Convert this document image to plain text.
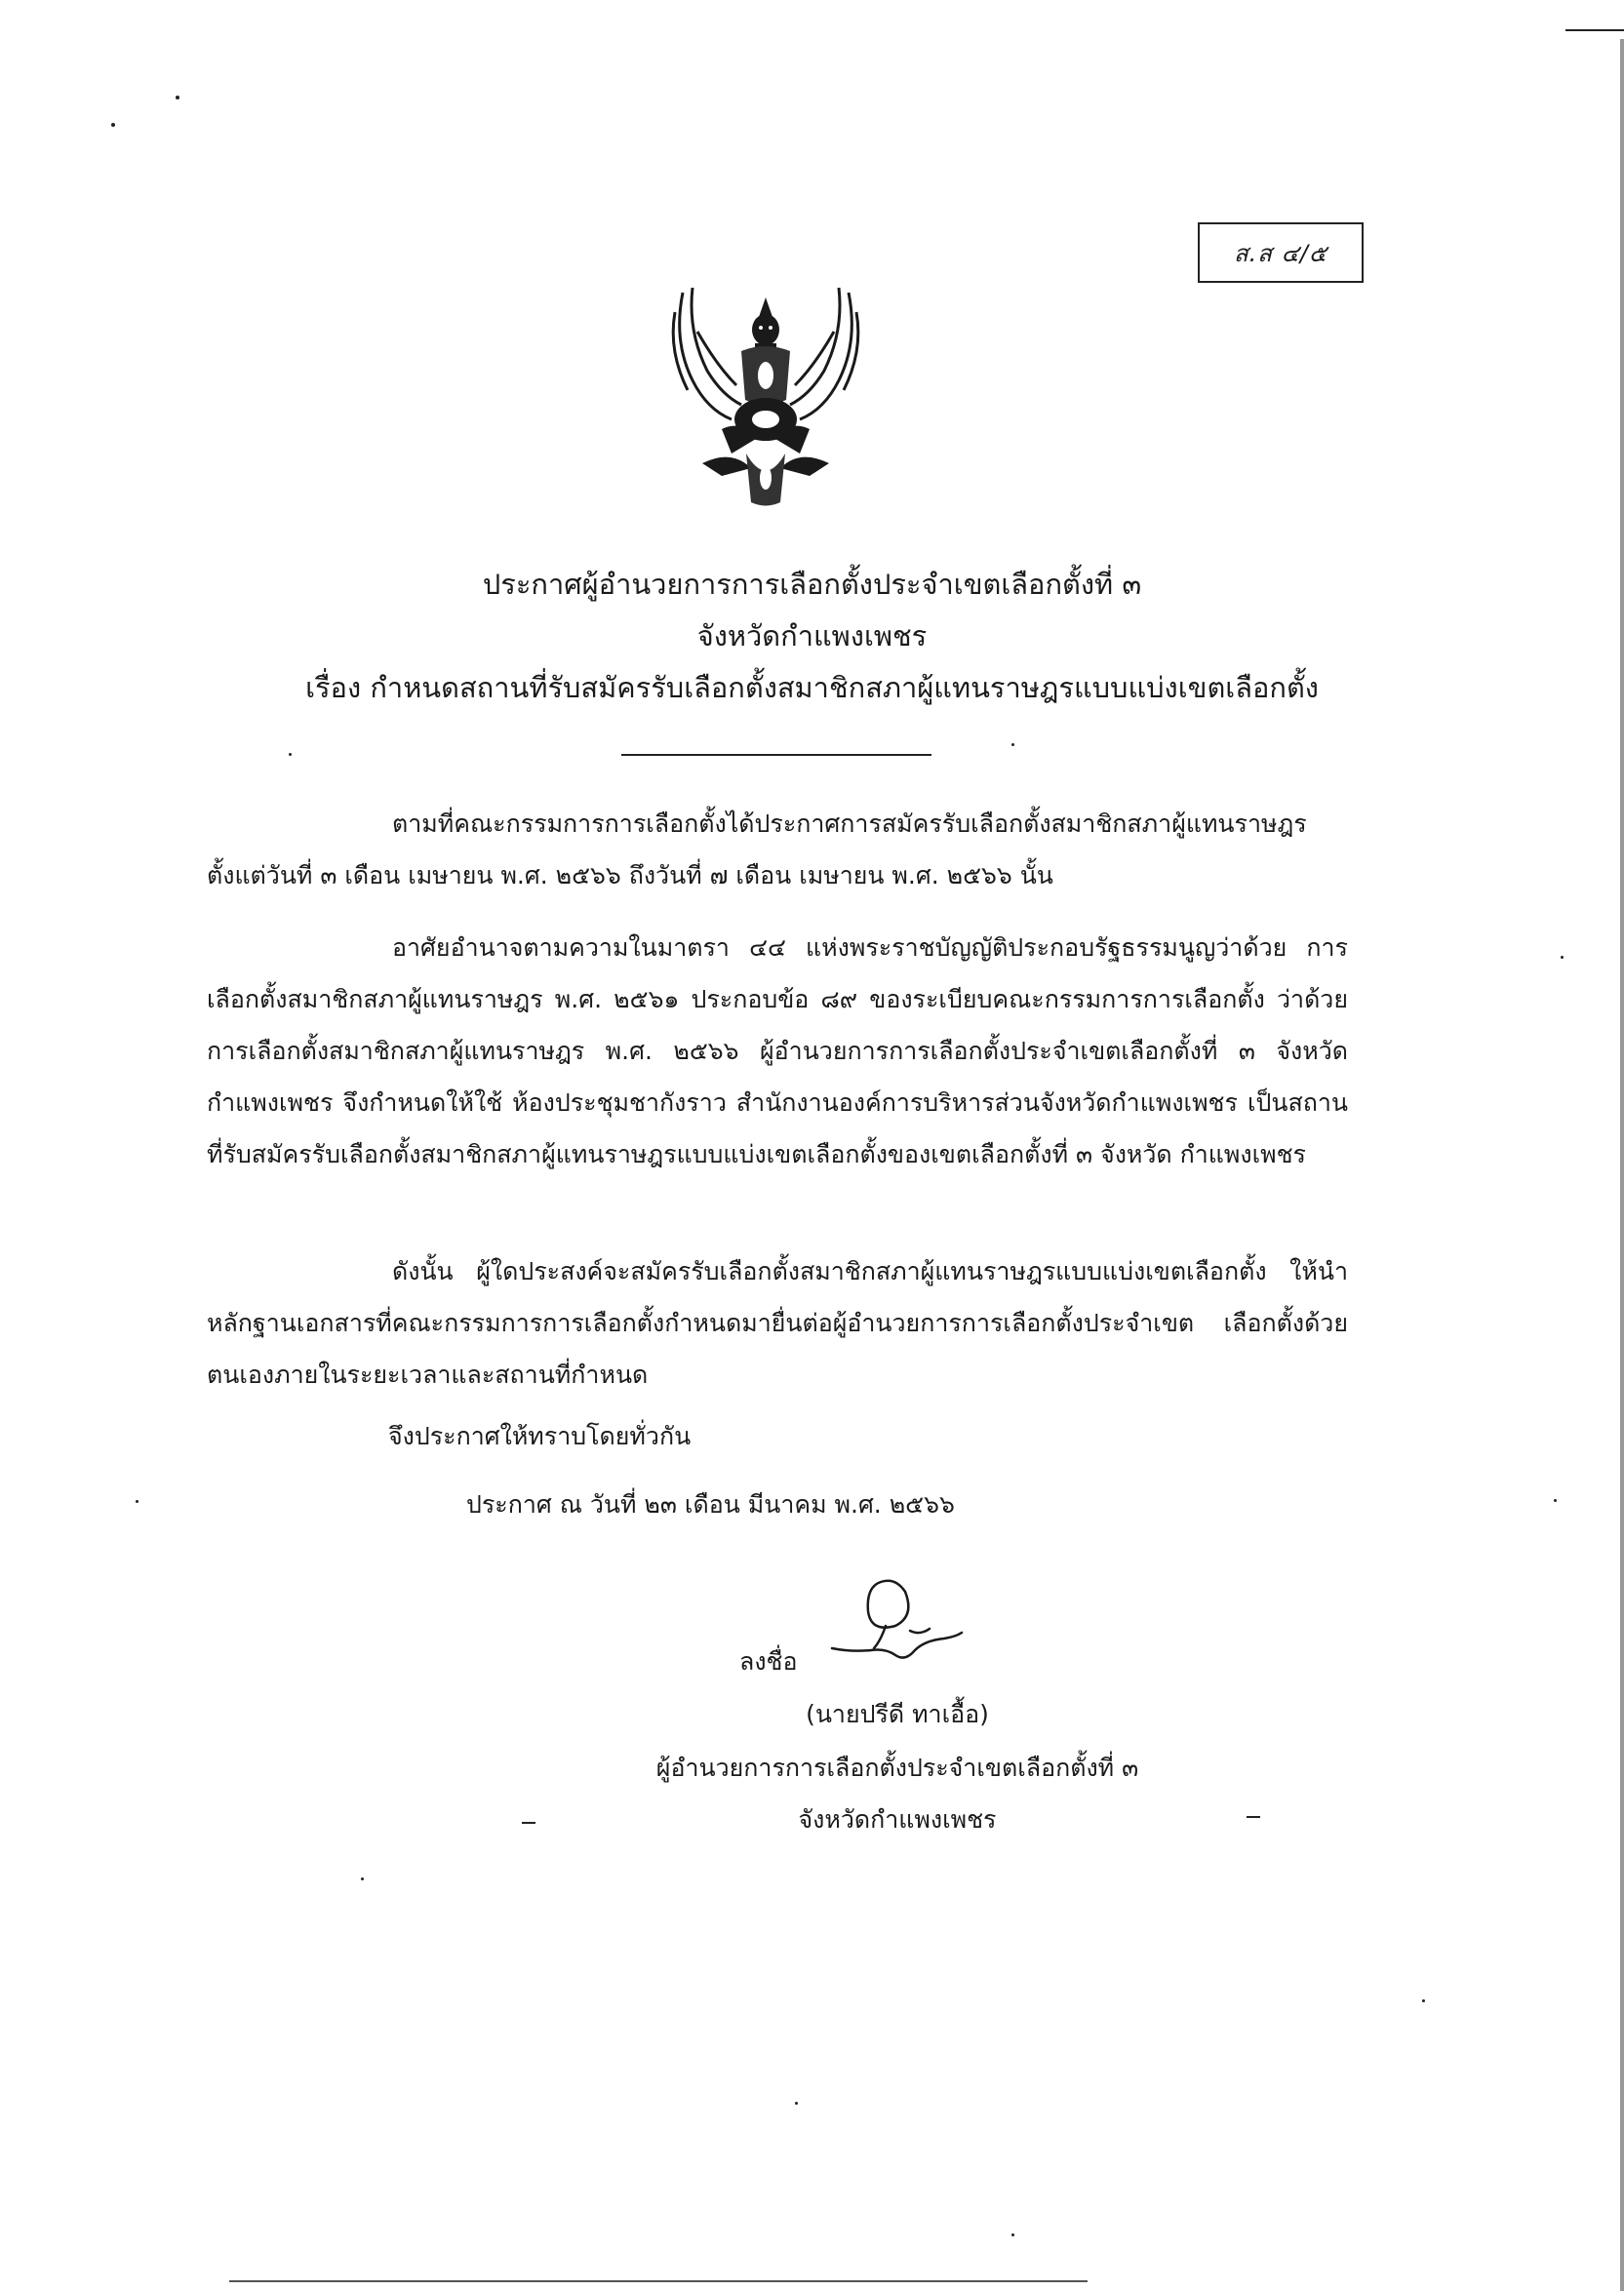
ส.ส ๔/๕
ประกาศผู้อำนวยการการเลือกตั้งประจำเขตเลือกตั้งที่ ๓
จังหวัดกำแพงเพชร
เรื่อง กำหนดสถานที่รับสมัครรับเลือกตั้งสมาชิกสภาผู้แทนราษฎรแบบแบ่งเขตเลือกตั้ง

ตามที่คณะกรรมการการเลือกตั้งได้ประกาศการสมัครรับเลือกตั้งสมาชิกสภาผู้แทนราษฎร ตั้งแต่วันที่ ๓ เดือน เมษายน พ.ศ. ๒๕๖๖ ถึงวันที่ ๗ เดือน เมษายน พ.ศ. ๒๕๖๖ นั้น

อาศัยอำนาจตามความในมาตรา ๔๔ แห่งพระราชบัญญัติประกอบรัฐธรรมนูญว่าด้วย การเลือกตั้งสมาชิกสภาผู้แทนราษฎร พ.ศ. ๒๕๖๑ ประกอบข้อ ๘๙ ของระเบียบคณะกรรมการการเลือกตั้ง ว่าด้วยการเลือกตั้งสมาชิกสภาผู้แทนราษฎร พ.ศ. ๒๕๖๖ ผู้อำนวยการการเลือกตั้งประจำเขตเลือกตั้งที่ ๓ จังหวัดกำแพงเพชร จึงกำหนดให้ใช้ ห้องประชุมชากังราว สำนักงานองค์การบริหารส่วนจังหวัดกำแพงเพชร เป็นสถานที่รับสมัครรับเลือกตั้งสมาชิกสภาผู้แทนราษฎรแบบแบ่งเขตเลือกตั้งของเขตเลือกตั้งที่ ๓ จังหวัด กำแพงเพชร

ดังนั้น ผู้ใดประสงค์จะสมัครรับเลือกตั้งสมาชิกสภาผู้แทนราษฎรแบบแบ่งเขตเลือกตั้ง ให้นำหลักฐานเอกสารที่คณะกรรมการการเลือกตั้งกำหนดมายื่นต่อผู้อำนวยการการเลือกตั้งประจำเขต เลือกตั้งด้วยตนเองภายในระยะเวลาและสถานที่กำหนด

จึงประกาศให้ทราบโดยทั่วกัน
ประกาศ ณ วันที่ ๒๓ เดือน มีนาคม พ.ศ. ๒๕๖๖
ลงชื่อ
(นายปรีดี ทาเอื้อ)
ผู้อำนวยการการเลือกตั้งประจำเขตเลือกตั้งที่ ๓
จังหวัดกำแพงเพชร
